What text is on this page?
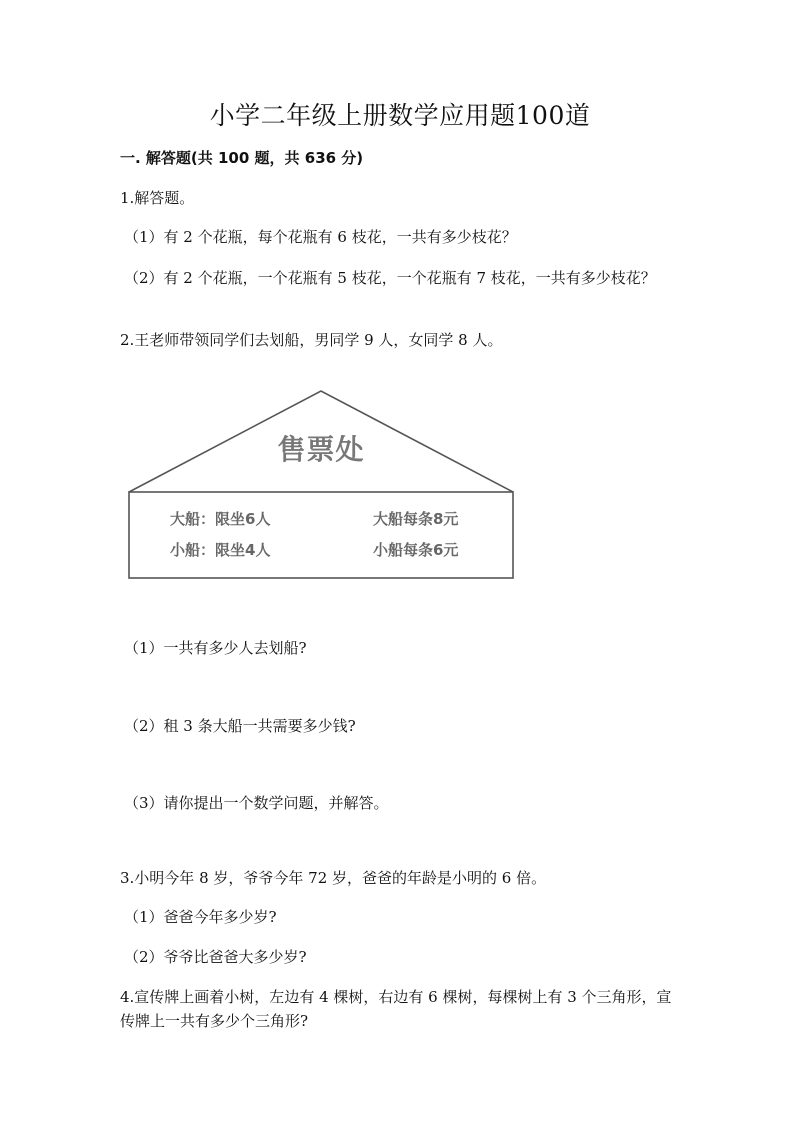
小学二年级上册数学应用题100道
一. 解答题(共 100 题，共 636 分)
1.解答题。
（1）有 2 个花瓶，每个花瓶有 6 枝花，一共有多少枝花？
（2）有 2 个花瓶，一个花瓶有 5 枝花，一个花瓶有 7 枝花，一共有多少枝花？
2.王老师带领同学们去划船，男同学 9 人，女同学 8 人。
售票处
大船：限坐6人
小船：限坐4人
大船每条8元
小船每条6元
（1）一共有多少人去划船?
（2）租 3 条大船一共需要多少钱?
（3）请你提出一个数学问题，并解答。
3.小明今年 8 岁，爷爷今年 72 岁，爸爸的年龄是小明的 6 倍。
（1）爸爸今年多少岁?
（2）爷爷比爸爸大多少岁?
4.宣传牌上画着小树，左边有 4 棵树，右边有 6 棵树，每棵树上有 3 个三角形，宣传牌上一共有多少个三角形?
